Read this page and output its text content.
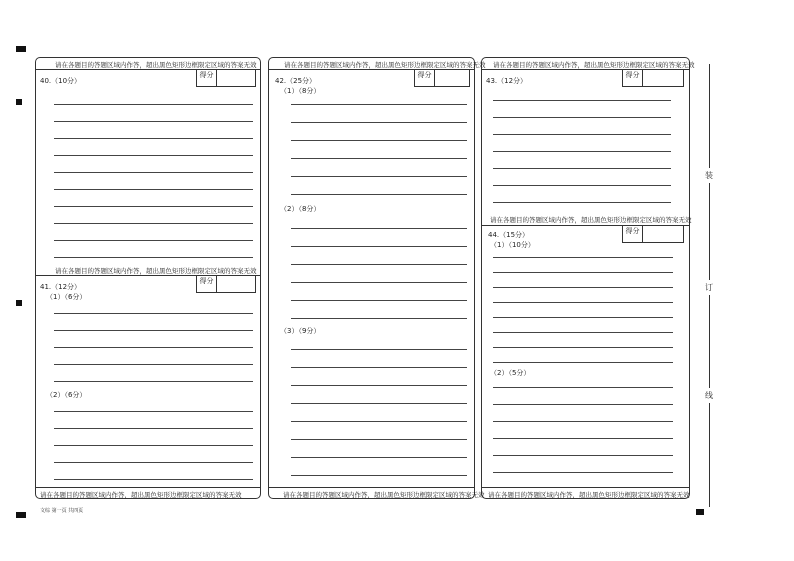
请在各题目的答题区域内作答，超出黑色矩形边框限定区域的答案无效
得分
40.（10分）
请在各题目的答题区域内作答，超出黑色矩形边框限定区域的答案无效
得分
41.（12分）
（1）（6分）
（2）（6分）
请在各题目的答题区域内作答，超出黑色矩形边框限定区域的答案无效
请在各题目的答题区域内作答，超出黑色矩形边框限定区域的答案无效
得分
42.（25分）
（1）（8分）
（2）（8分）
（3）（9分）
请在各题目的答题区域内作答，超出黑色矩形边框限定区域的答案无效
请在各题目的答题区域内作答，超出黑色矩形边框限定区域的答案无效
得分
43.（12分）
请在各题目的答题区域内作答，超出黑色矩形边框限定区域的答案无效
得分
44.（15分）
（1）（10分）
（2）（5分）
请在各题目的答题区域内作答，超出黑色矩形边框限定区域的答案无效
装
订
线
文综 第一页 共四页
